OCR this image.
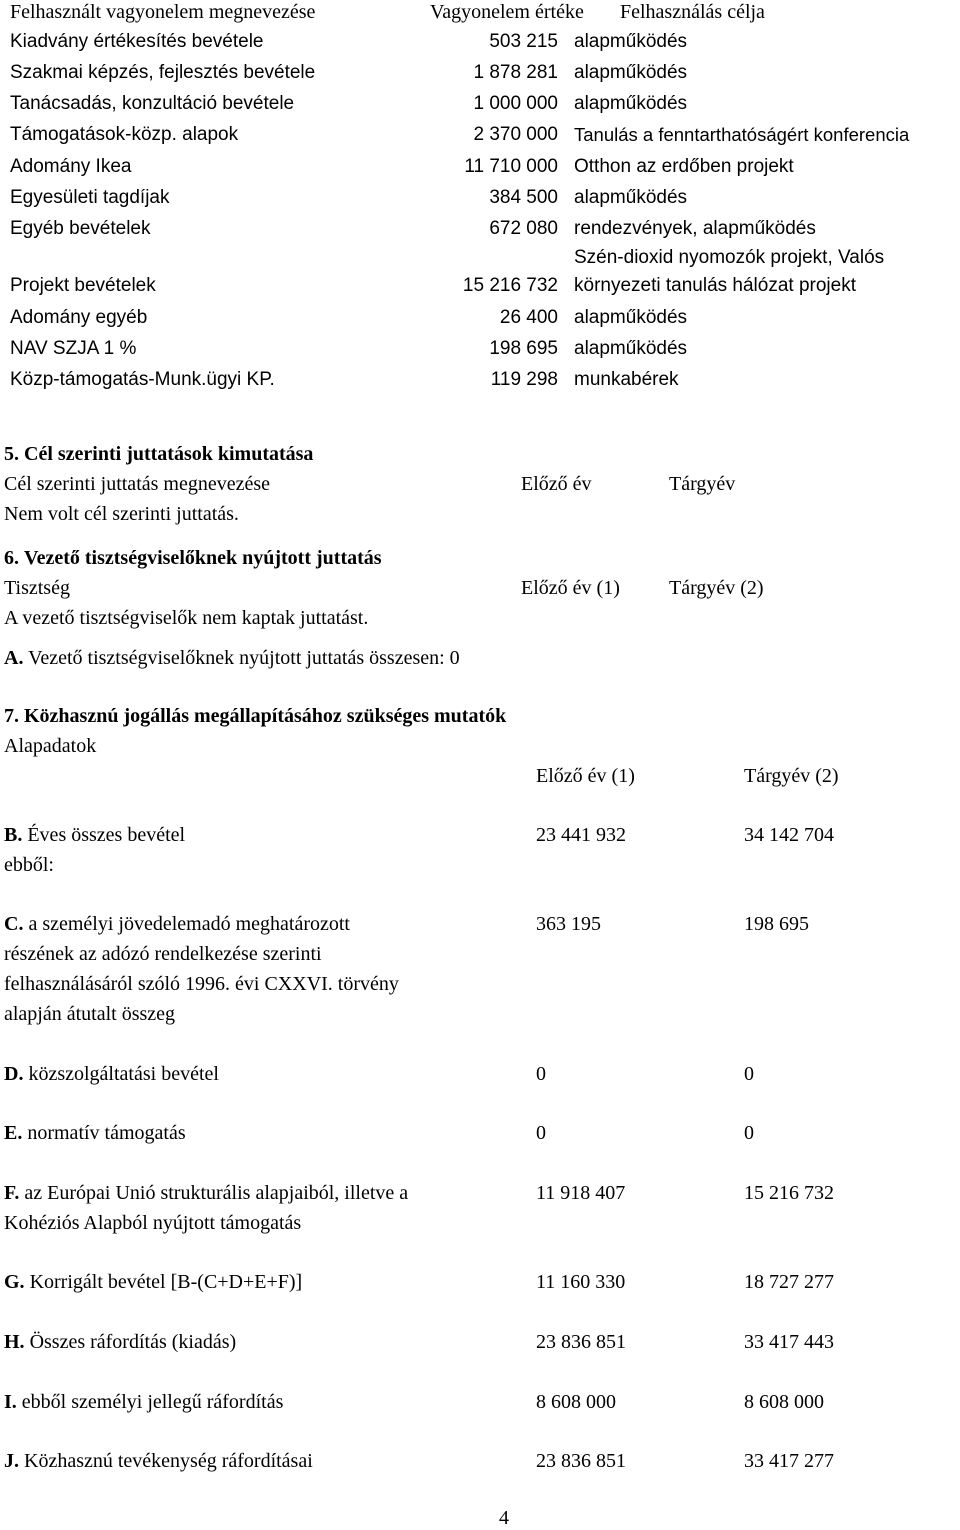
Felhasznált vagyonelem megnevezése	Vagyonelem értéke Felhasználás célja
Kiadvány értékesítés bevétele	503 215 alapműködés
Szakmai képzés, fejlesztés bevétele	1 878 281 alapműködés
Tanácsadás, konzultáció bevétele	1 000 000 alapműködés
Támogatások-közp. alapok	2 370 000 Tanulás a fenntarthatóságért konferencia
Adomány Ikea	11 710 000 Otthon az erdőben projekt
Egyesületi tagdíjak	384 500 alapműködés
Egyéb bevételek	672 080 rendezvények, alapműködés
Szén-dioxid nyomozók projekt, Valós
Projekt bevételek	15 216 732 környezeti tanulás hálózat projekt
Adomány egyéb	26 400 alapműködés
NAV SZJA 1 %	198 695 alapműködés
Közp-támogatás-Munk.ügyi KP.	119 298 munkabérek
5. Cél szerinti juttatások kimutatása
Cél szerinti juttatás megnevezése	Előző év	Tárgyév
Nem volt cél szerinti juttatás.
6. Vezető tisztségviselőknek nyújtott juttatás
Tisztség	Előző év (1) Tárgyév (2)
A vezető tisztségviselők nem kaptak juttatást.
A. Vezető tisztségviselőknek nyújtott juttatás összesen: 0
7. Közhasznú jogállás megállapításához szükséges mutatók
Alapadatok
Előző év (1)	Tárgyév (2)
B. Éves összes bevétel
ebből:
23 441 932	34 142 704
C. a személyi jövedelemadó meghatározott részének az adózó rendelkezése szerinti felhasználásáról szóló 1996. évi CXXVI. törvény alapján átutalt összeg
363 195	198 695
D. közszolgáltatási bevétel	0	0
E. normatív támogatás	0	0
F. az Európai Unió strukturális alapjaiból, illetve a Kohéziós Alapból nyújtott támogatás
11 918 407	15 216 732
G. Korrigált bevétel [B-(C+D+E+F)]	11 160 330	18 727 277
H. Összes ráfordítás (kiadás)	23 836 851	33 417 443
I. ebből személyi jellegű ráfordítás	8 608 000	8 608 000
J. Közhasznú tevékenység ráfordításai	23 836 851	33 417 277
4
